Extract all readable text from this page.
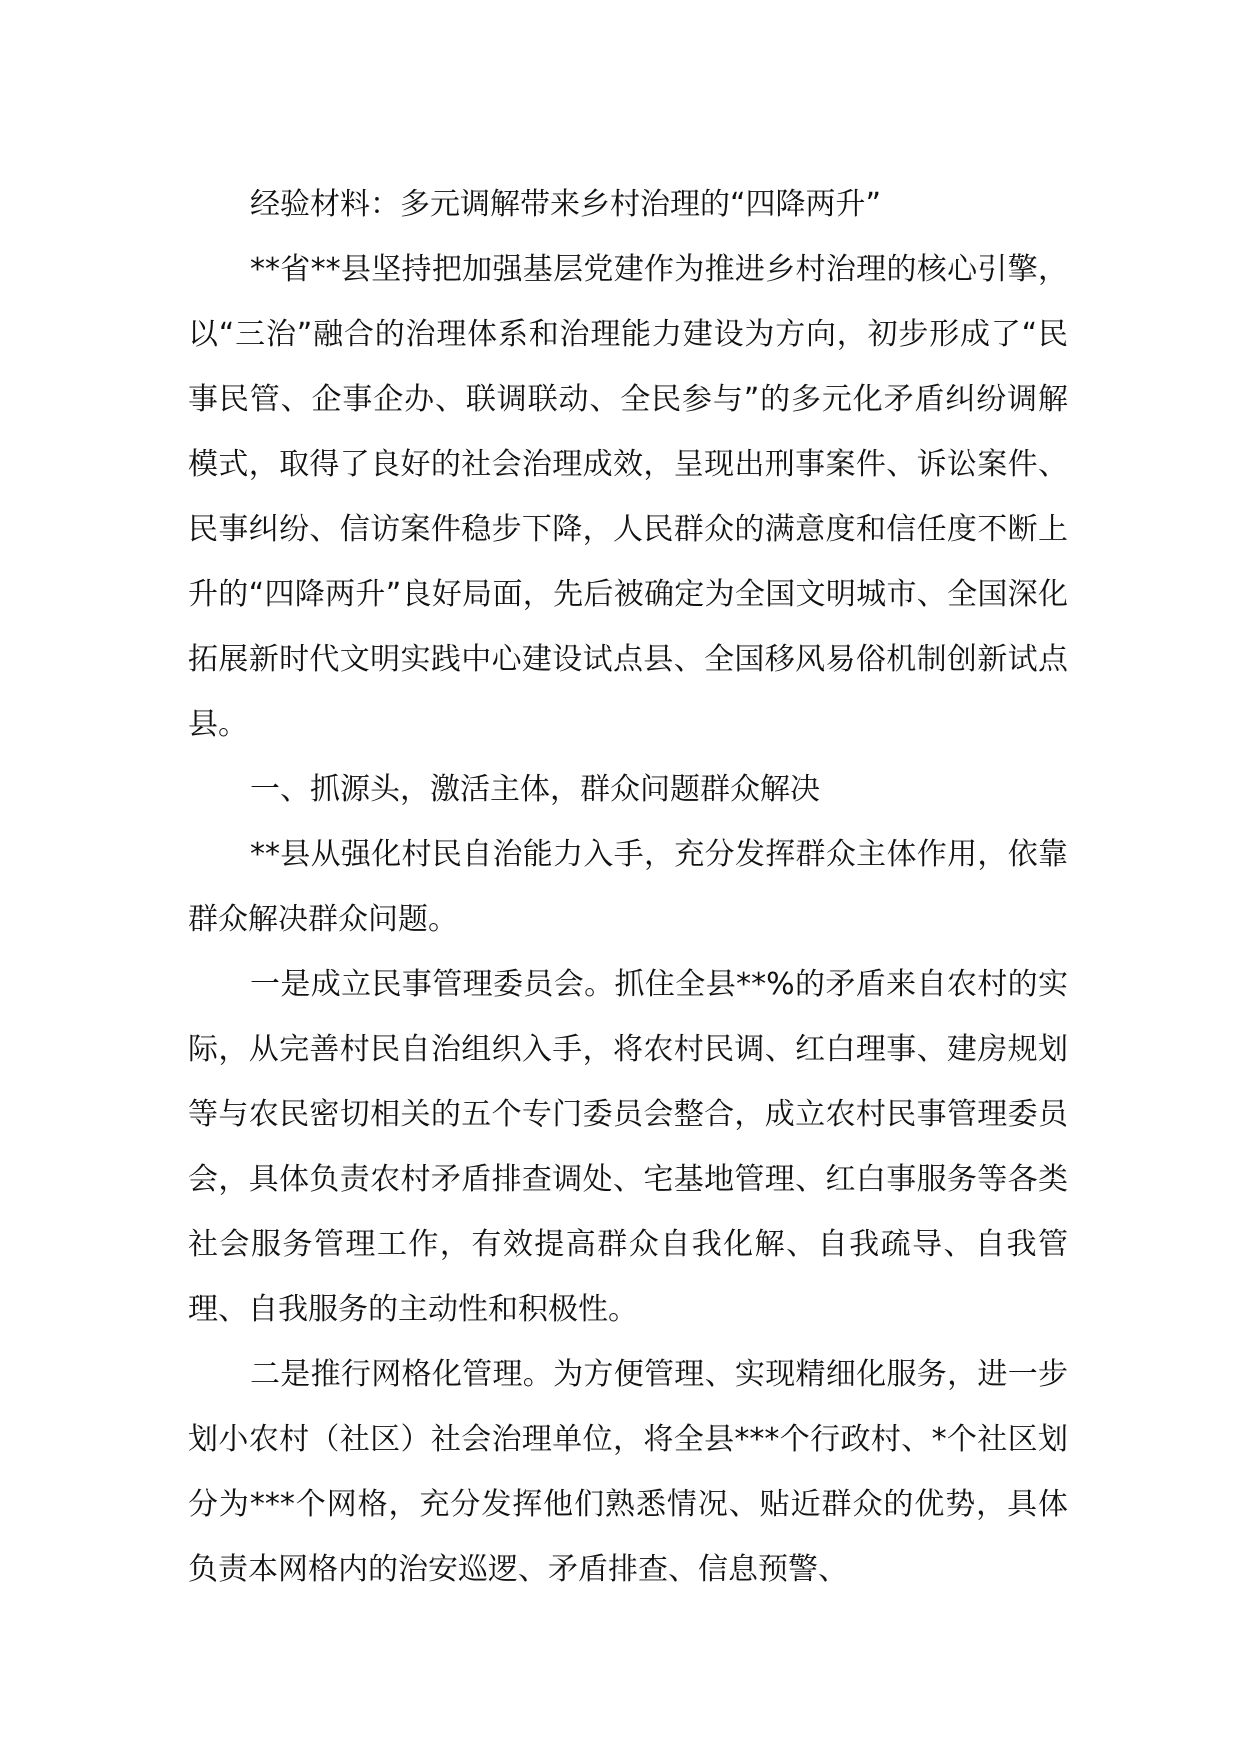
经验材料：多元调解带来乡村治理的“四降两升”

**省**县坚持把加强基层党建作为推进乡村治理的核心引擎，以“三治”融合的治理体系和治理能力建设为方向，初步形成了“民事民管、企事企办、联调联动、全民参与”的多元化矛盾纠纷调解模式，取得了良好的社会治理成效，呈现出刑事案件、诉讼案件、民事纠纷、信访案件稳步下降，人民群众的满意度和信任度不断上升的“四降两升”良好局面，先后被确定为全国文明城市、全国深化拓展新时代文明实践中心建设试点县、全国移风易俗机制创新试点县。

一、抓源头，激活主体，群众问题群众解决

**县从强化村民自治能力入手，充分发挥群众主体作用，依靠群众解决群众问题。

一是成立民事管理委员会。抓住全县**%的矛盾来自农村的实际，从完善村民自治组织入手，将农村民调、红白理事、建房规划等与农民密切相关的五个专门委员会整合，成立农村民事管理委员会，具体负责农村矛盾排查调处、宅基地管理、红白事服务等各类社会服务管理工作，有效提高群众自我化解、自我疏导、自我管理、自我服务的主动性和积极性。

二是推行网格化管理。为方便管理、实现精细化服务，进一步划小农村（社区）社会治理单位，将全县***个行政村、*个社区划分为***个网格，充分发挥他们熟悉情况、贴近群众的优势，具体负责本网格内的治安巡逻、矛盾排查、信息预警、
